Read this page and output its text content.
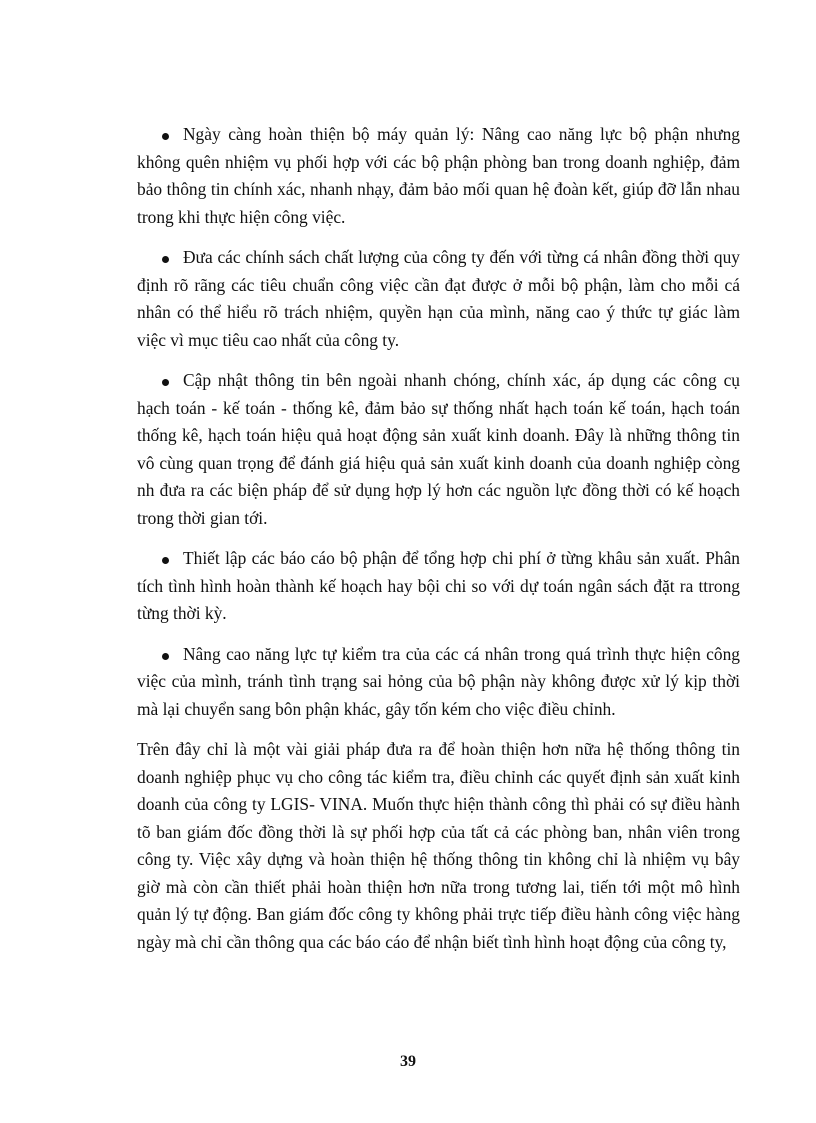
Ngày càng hoàn thiện bộ máy quản lý: Nâng cao năng lực bộ phận nhưng không quên nhiệm vụ phối hợp với các bộ phận phòng ban trong doanh nghiệp, đảm bảo thông tin chính xác, nhanh nhạy, đảm bảo mối quan hệ đoàn kết, giúp đỡ lẫn nhau trong khi thực hiện công việc.

Đưa các chính sách chất lượng của công ty đến với từng cá nhân đồng thời quy định rõ rãng các tiêu chuẩn công việc cần đạt được ở mỗi bộ phận, làm cho mỗi cá nhân có thể hiểu rõ trách nhiệm, quyền hạn của mình, năng cao ý thức tự giác làm việc vì mục tiêu cao nhất của công ty.

Cập nhật thông tin bên ngoài nhanh chóng, chính xác, áp dụng các công cụ hạch toán - kế toán - thống kê, đảm bảo sự thống nhất hạch toán kế toán, hạch toán thống kê, hạch toán hiệu quả hoạt động sản xuất kinh doanh. Đây là những thông tin vô cùng quan trọng để đánh giá hiệu quả sản xuất kinh doanh của doanh nghiệp còng nh đưa ra các biện pháp để sử dụng hợp lý hơn các nguồn lực đồng thời có kế hoạch trong thời gian tới.

Thiết lập các báo cáo bộ phận để tổng hợp chi phí ở từng khâu sản xuất. Phân tích tình hình hoàn thành kế hoạch hay bội chi so với dự toán ngân sách đặt ra ttrong từng thời kỳ.

Nâng cao năng lực tự kiểm tra của các cá nhân trong quá trình thực hiện công việc của mình, tránh tình trạng sai hỏng của bộ phận này không được xử lý kịp thời mà lại chuyển sang bôn phận khác, gây tốn kém cho việc điều chỉnh.

Trên đây chỉ là một vài giải pháp đưa ra để hoàn thiện hơn nữa hệ thống thông tin doanh nghiệp phục vụ cho công tác kiểm tra, điều chỉnh các quyết định sản xuất kinh doanh của công ty LGIS- VINA. Muốn thực hiện thành công thì phải có sự điều hành tõ ban giám đốc đồng thời là sự phối hợp của tất cả các phòng ban, nhân viên trong công ty. Việc xây dựng và hoàn thiện hệ thống thông tin không chỉ là nhiệm vụ bây giờ mà còn cần thiết phải hoàn thiện hơn nữa trong tương lai, tiến tới một mô hình quản lý tự động. Ban giám đốc công ty không phải trực tiếp điều hành công việc hàng ngày mà chỉ cần thông qua các báo cáo để nhận biết tình hình hoạt động của công ty,

39
